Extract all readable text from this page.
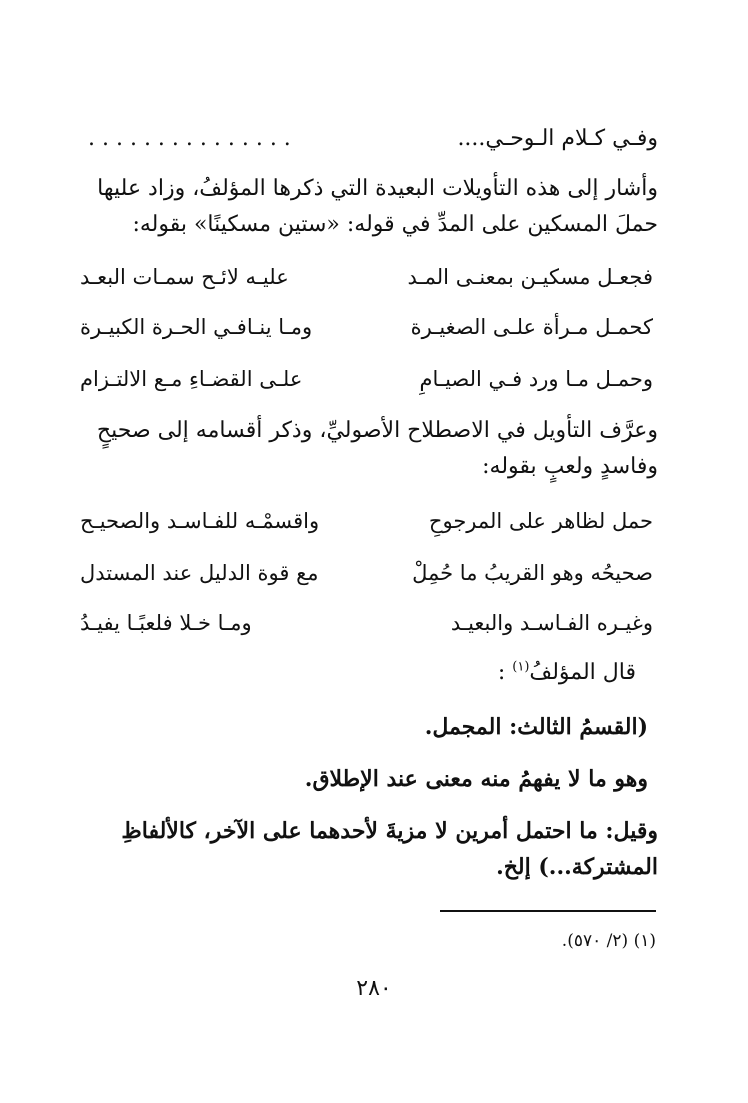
وفـي كـلام الـوحـي....
. . . . . . . . . . . . . . .
وأشار إلى هذه التأويلات البعيدة التي ذكرها المؤلفُ، وزاد عليها
حملَ المسكين على المدِّ في قوله: «ستين مسكينًا» بقوله:
فجعـل مسكيـن بمعنـى المـد
عليـه لائـح سمـات البعـد
كحمـل مـرأة علـى الصغيـرة
ومـا ينـافـي الحـرة الكبيـرة
وحمـل مـا ورد فـي الصيـامِ
علـى القضـاءِ مـع الالتـزام
وعرَّف التأويل في الاصطلاح الأصوليِّ، وذكر أقسامه إلى صحيحٍ
وفاسدٍ ولعبٍ بقوله:
حمل لظاهر على المرجوحِ
واقسمْـه للفـاسـد والصحيـح
صحيحُه وهو القريبُ ما حُمِلْ
مع قوة الدليل عند المستدل
وغيـره الفـاسـد والبعيـد
ومـا خـلا فلعبًـا يفيـدُ
قال المؤلفُ$^{(١)}$ :
(القسمُ الثالث: المجمل.
وهو ما لا يفهمُ منه معنى عند الإطلاق.
وقيل: ما احتمل أمرين لا مزيةَ لأحدهما على الآخر، كالألفاظِ
المشتركة...) إلخ.
(١) (٢/ ٥٧٠).
٢٨٠
